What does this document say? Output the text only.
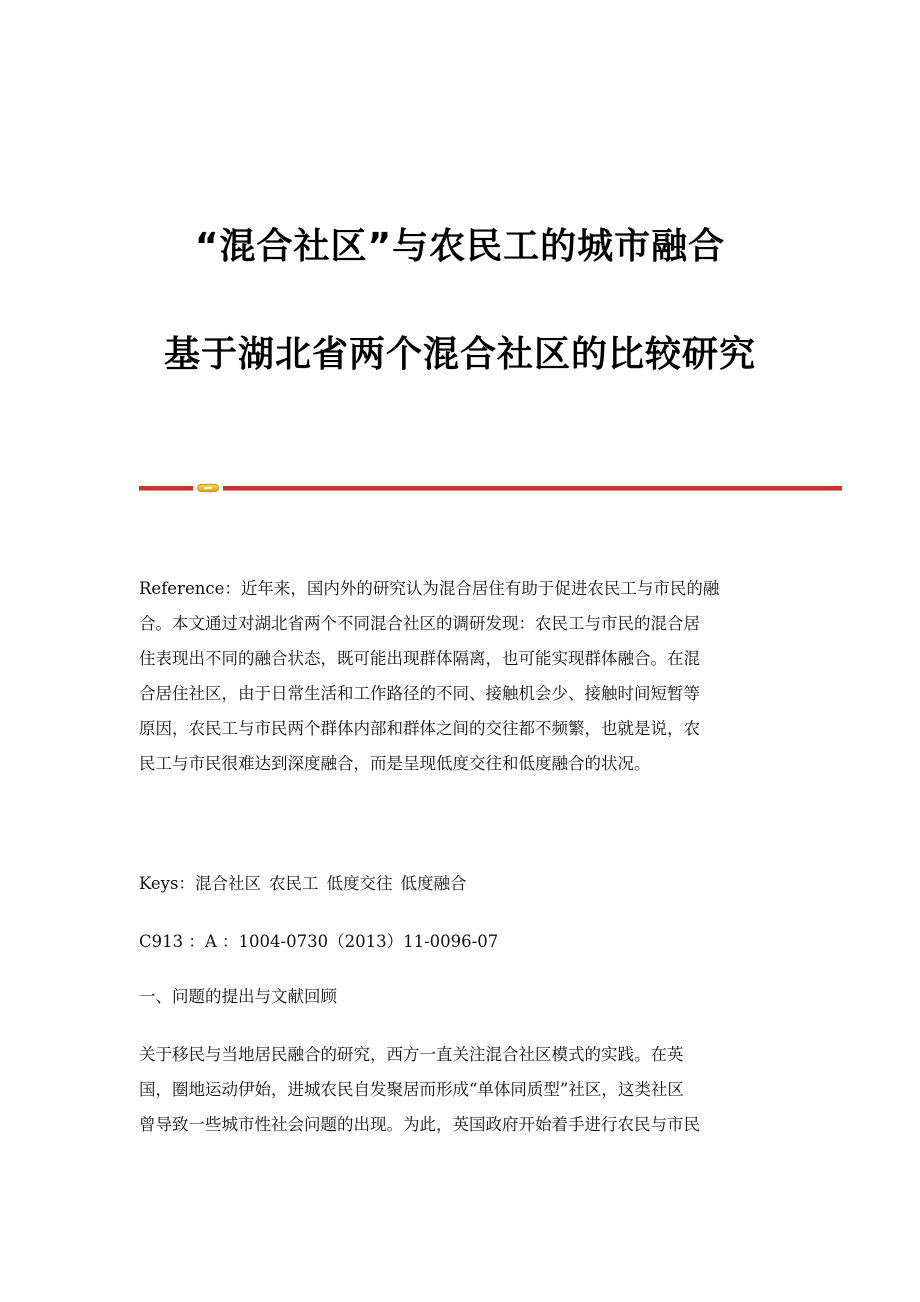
“混合社区”与农民工的城市融合
基于湖北省两个混合社区的比较研究
Reference：近年来，国内外的研究认为混合居住有助于促进农民工与市民的融
合。本文通过对湖北省两个不同混合社区的调研发现：农民工与市民的混合居
住表现出不同的融合状态，既可能出现群体隔离，也可能实现群体融合。在混
合居住社区，由于日常生活和工作路径的不同、接触机会少、接触时间短暂等
原因，农民工与市民两个群体内部和群体之间的交往都不频繁，也就是说，农
民工与市民很难达到深度融合，而是呈现低度交往和低度融合的状况。
Keys：混合社区 农民工 低度交往 低度融合
C913 ：A ：1004-0730（2013）11-0096-07
一、问题的提出与文献回顾
关于移民与当地居民融合的研究，西方一直关注混合社区模式的实践。在英
国，圈地运动伊始，进城农民自发聚居而形成“单体同质型”社区，这类社区
曾导致一些城市性社会问题的出现。为此，英国政府开始着手进行农民与市民
